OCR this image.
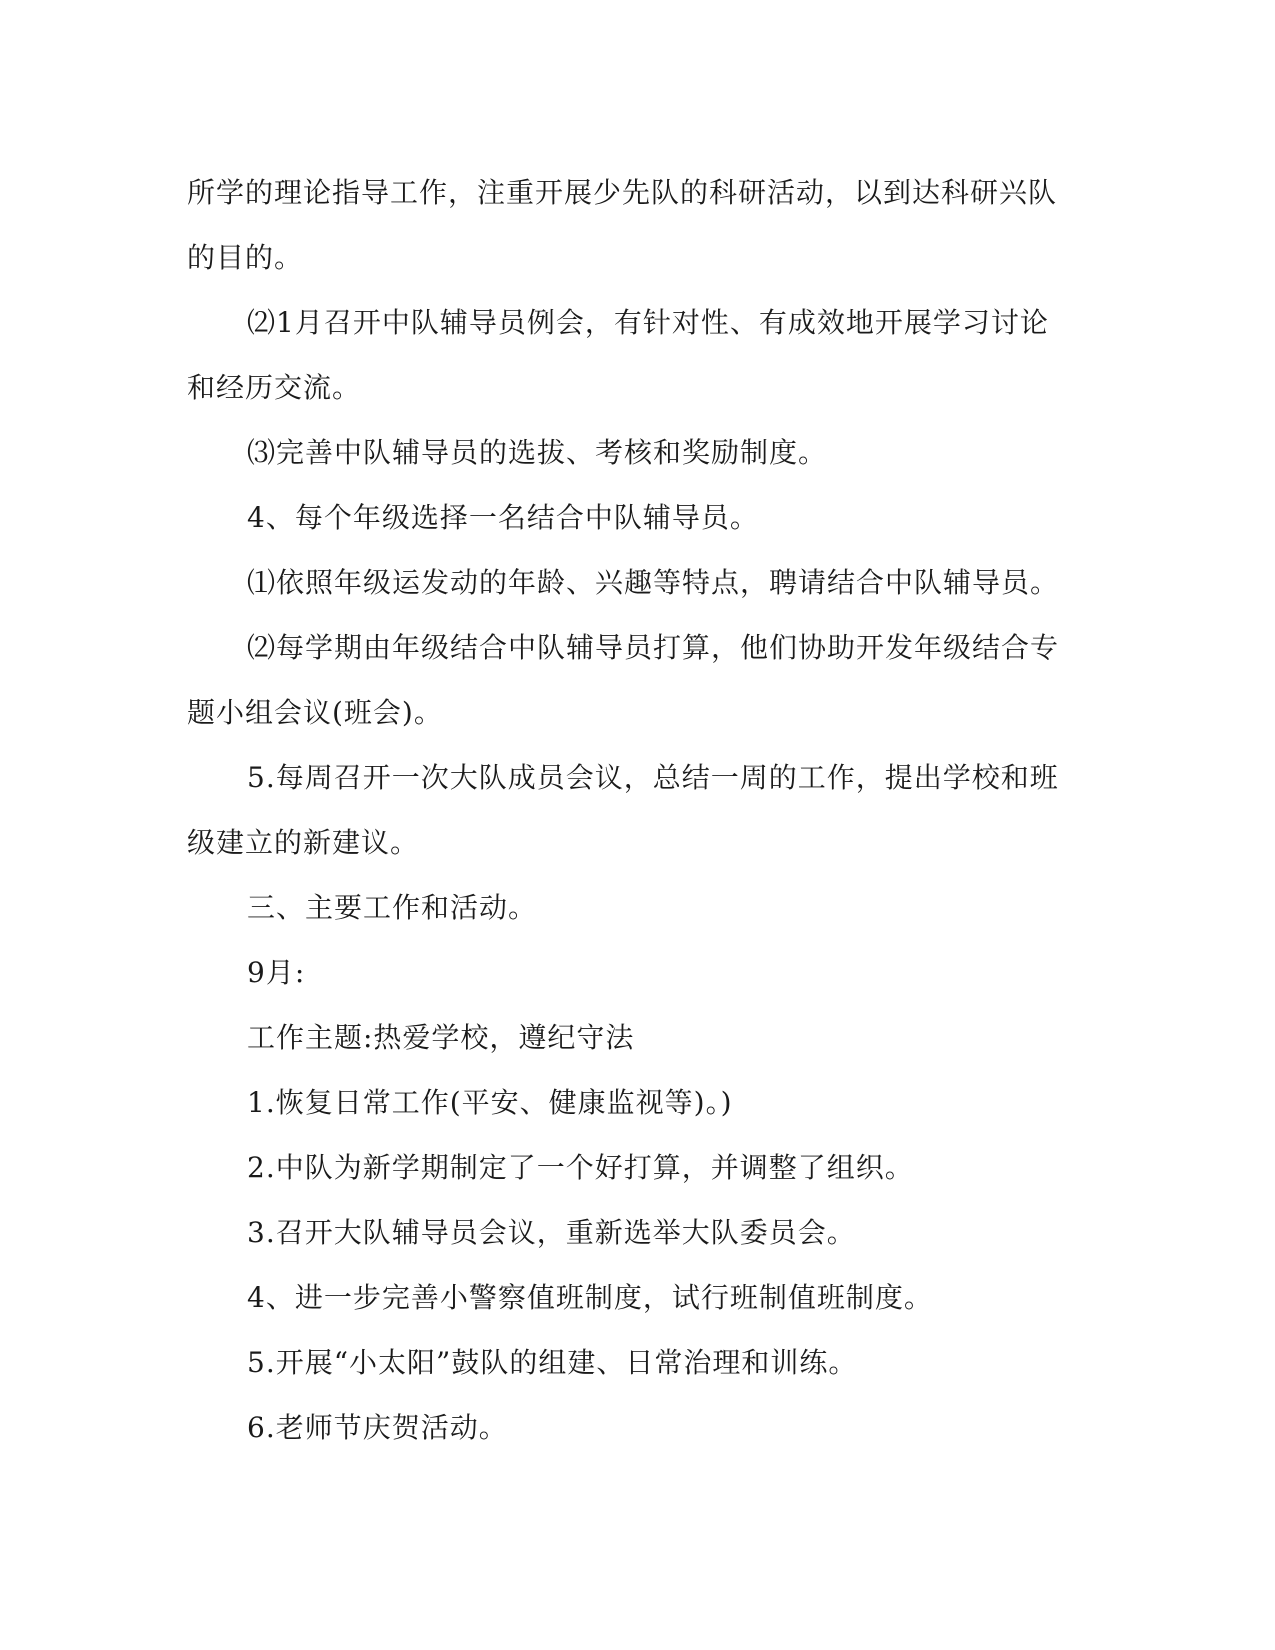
所学的理论指导工作，注重开展少先队的科研活动，以到达科研兴队
的目的。
⑵1月召开中队辅导员例会，有针对性、有成效地开展学习讨论
和经历交流。
⑶完善中队辅导员的选拔、考核和奖励制度。
4、每个年级选择一名结合中队辅导员。
⑴依照年级运发动的年龄、兴趣等特点，聘请结合中队辅导员。
⑵每学期由年级结合中队辅导员打算，他们协助开发年级结合专
题小组会议(班会)。
5.每周召开一次大队成员会议，总结一周的工作，提出学校和班
级建立的新建议。
三、主要工作和活动。
9月:
工作主题:热爱学校，遵纪守法
1.恢复日常工作(平安、健康监视等)。)
2.中队为新学期制定了一个好打算，并调整了组织。
3.召开大队辅导员会议，重新选举大队委员会。
4、进一步完善小警察值班制度，试行班制值班制度。
5.开展“小太阳”鼓队的组建、日常治理和训练。
6.老师节庆贺活动。
